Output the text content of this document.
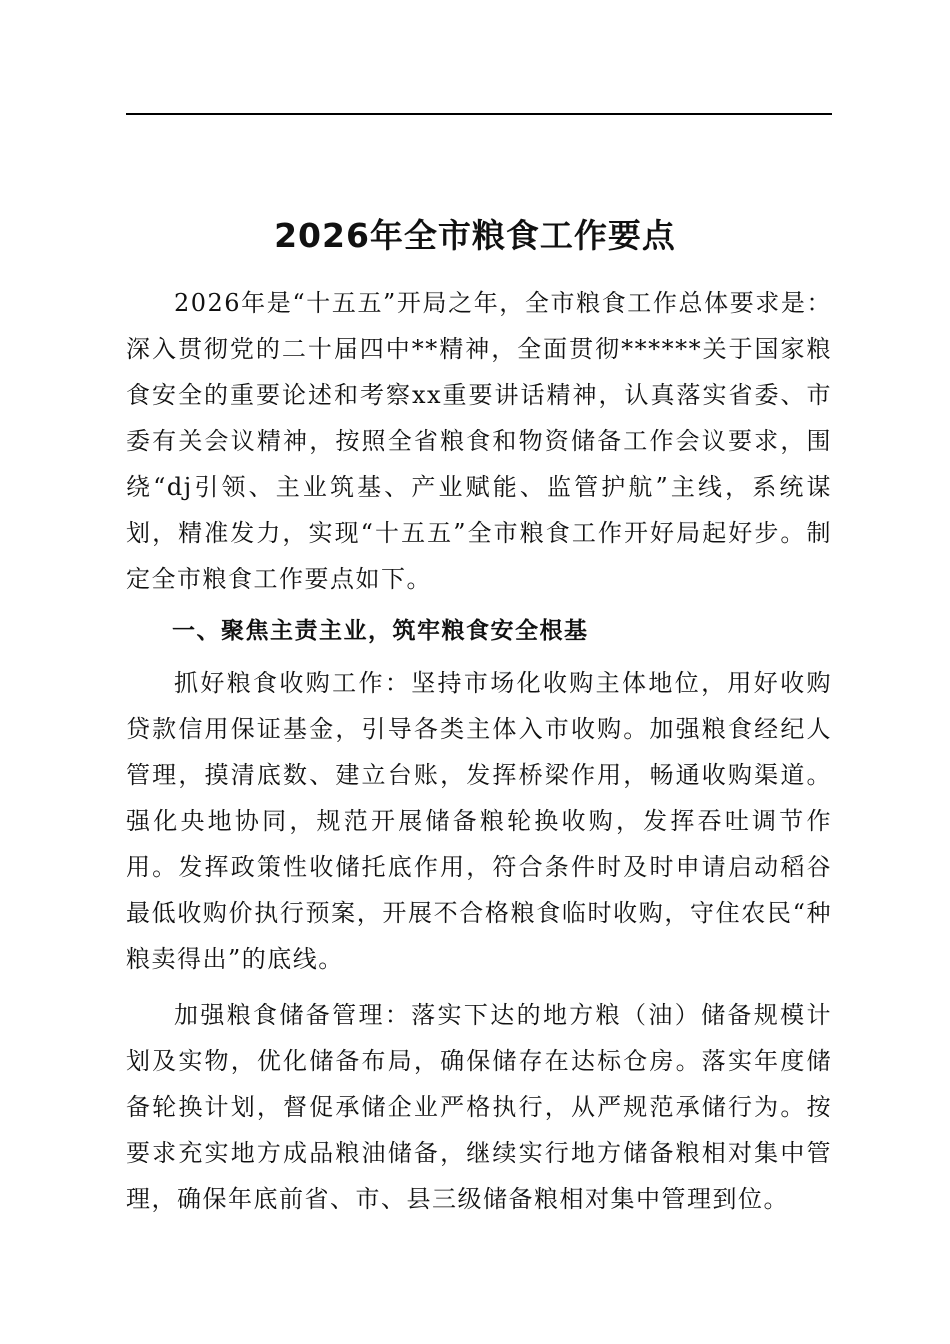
2026年全市粮食工作要点

2026年是“十五五”开局之年，全市粮食工作总体要求是：深入贯彻党的二十届四中**精神，全面贯彻******关于国家粮食安全的重要论述和考察xx重要讲话精神，认真落实省委、市委有关会议精神，按照全省粮食和物资储备工作会议要求，围绕“dj引领、主业筑基、产业赋能、监管护航”主线，系统谋划，精准发力，实现“十五五”全市粮食工作开好局起好步。制定全市粮食工作要点如下。

一、聚焦主责主业，筑牢粮食安全根基

抓好粮食收购工作：坚持市场化收购主体地位，用好收购贷款信用保证基金，引导各类主体入市收购。加强粮食经纪人管理，摸清底数、建立台账，发挥桥梁作用，畅通收购渠道。强化央地协同，规范开展储备粮轮换收购，发挥吞吐调节作用。发挥政策性收储托底作用，符合条件时及时申请启动稻谷最低收购价执行预案，开展不合格粮食临时收购，守住农民“种粮卖得出”的底线。

加强粮食储备管理：落实下达的地方粮（油）储备规模计划及实物，优化储备布局，确保储存在达标仓房。落实年度储备轮换计划，督促承储企业严格执行，从严规范承储行为。按要求充实地方成品粮油储备，继续实行地方储备粮相对集中管理，确保年底前省、市、县三级储备粮相对集中管理到位。
